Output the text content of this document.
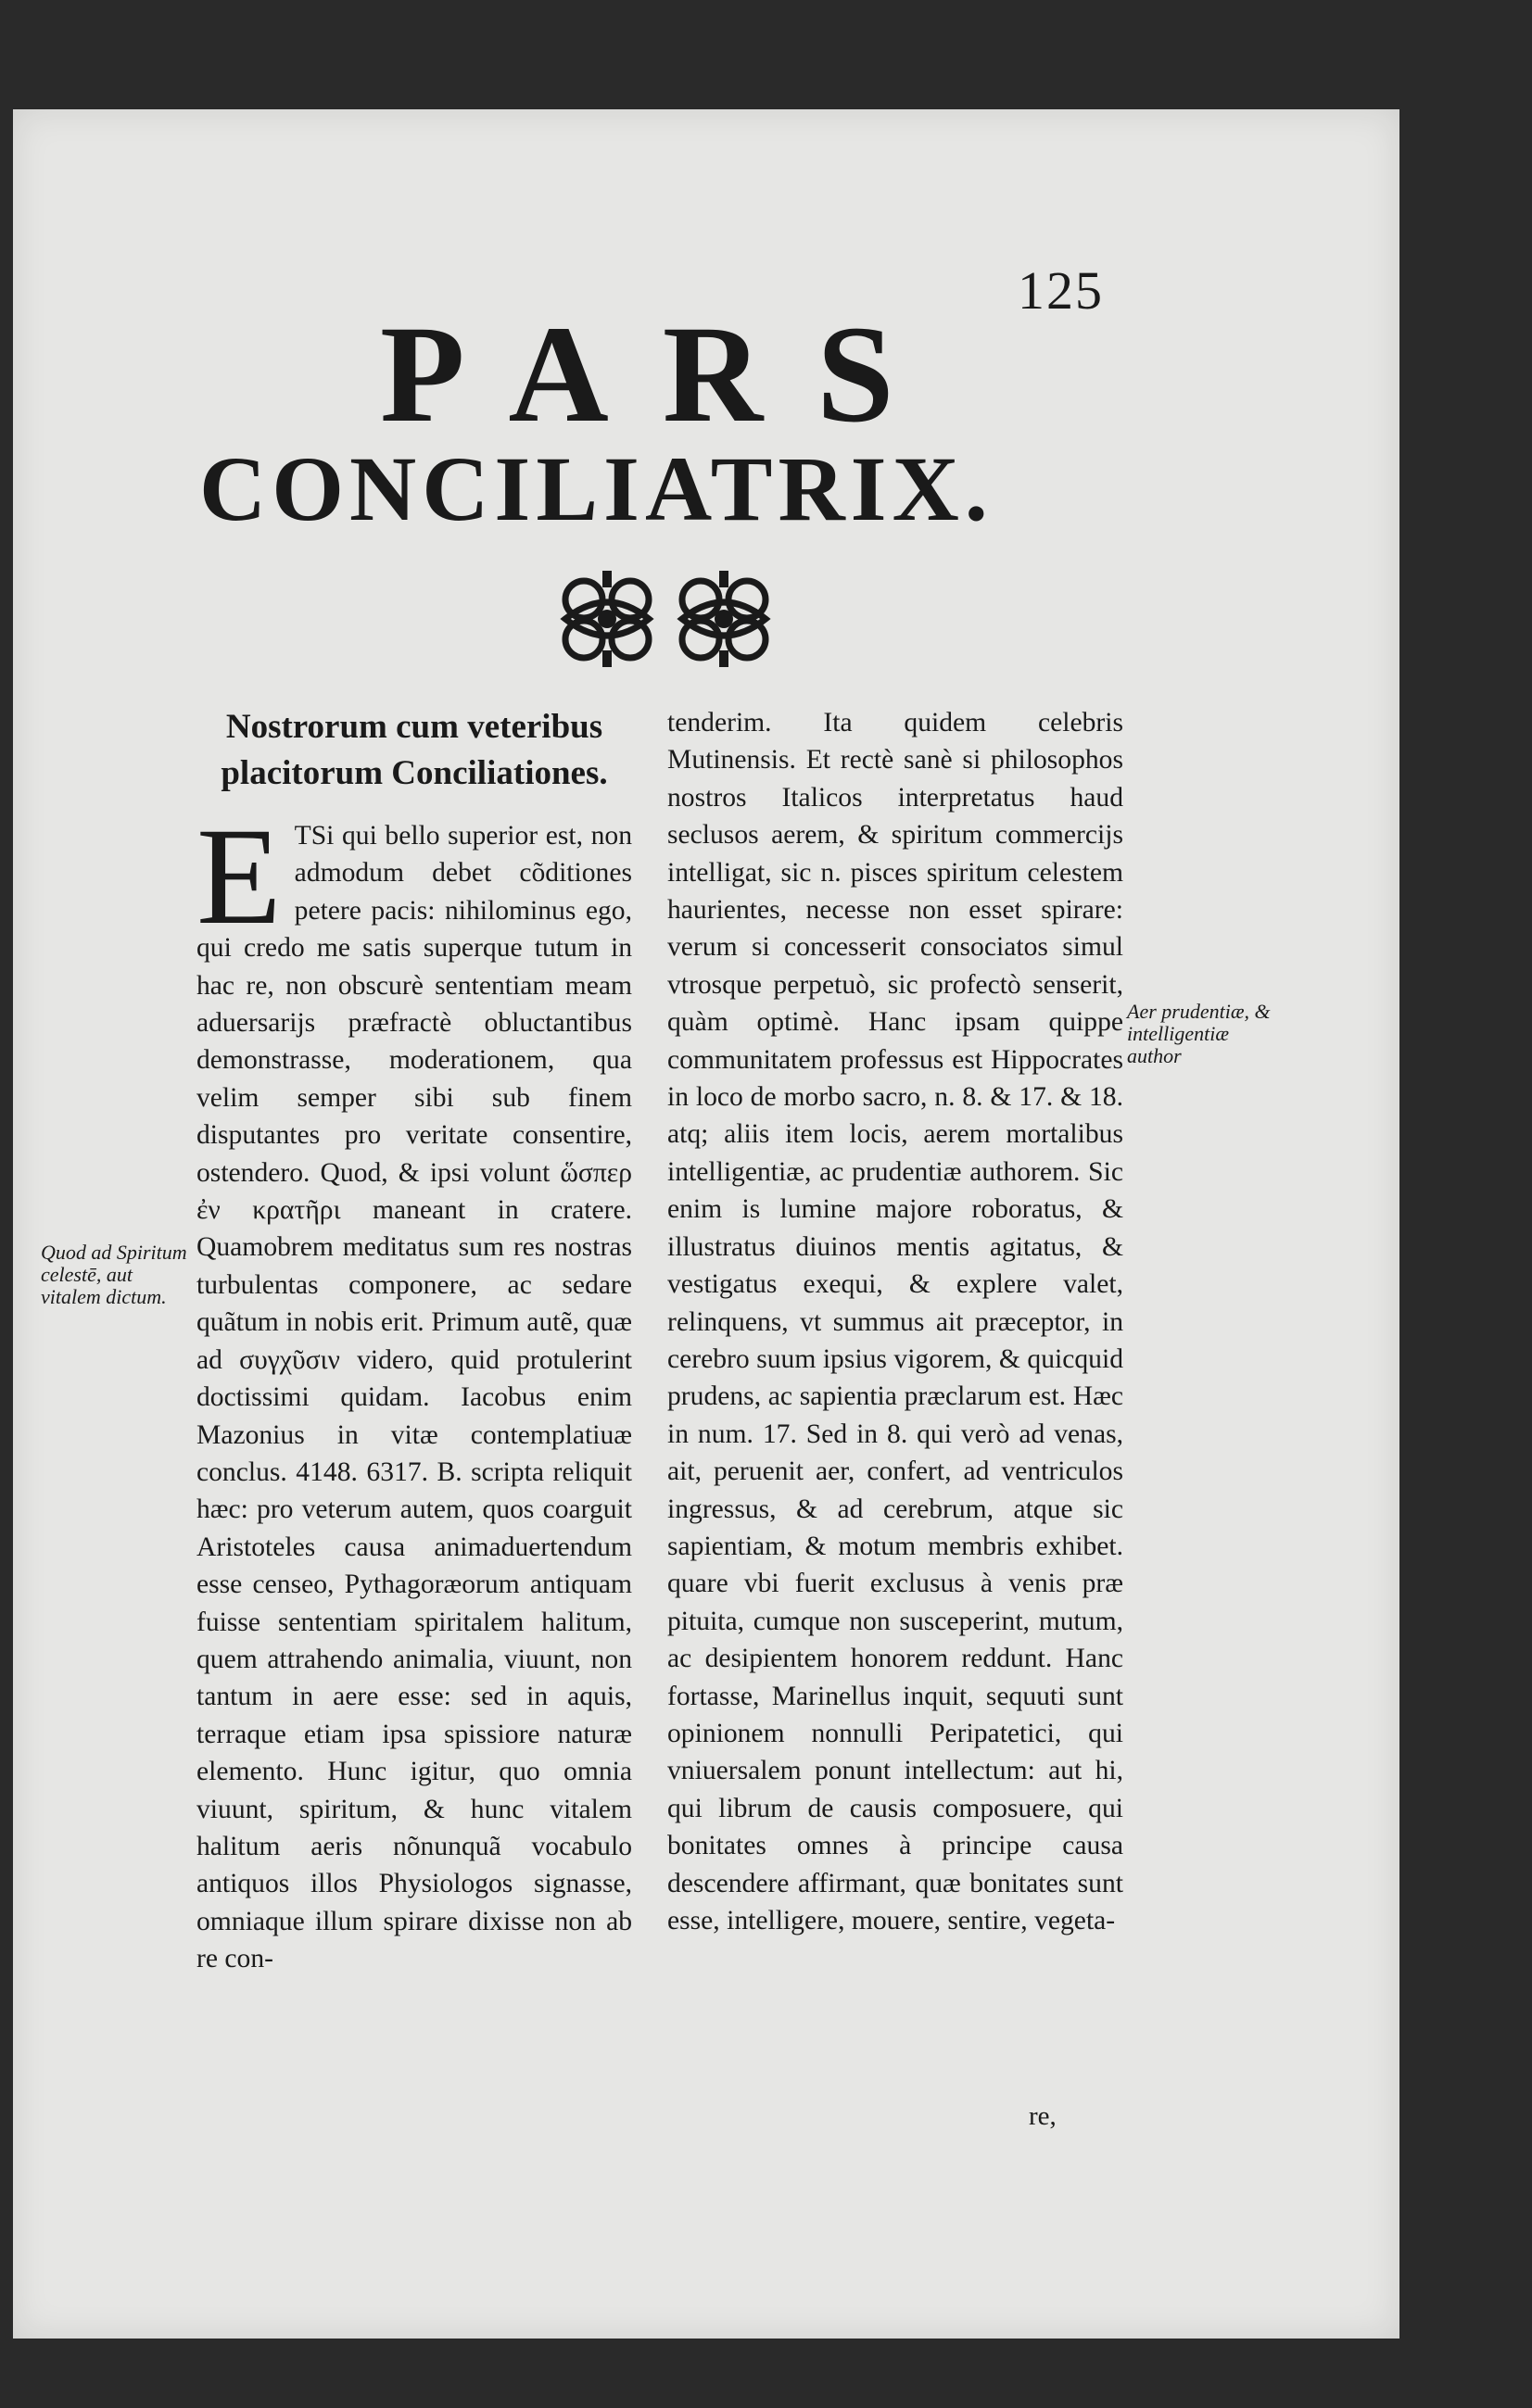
125
PARS
CONCILIATRIX.
Nostrorum cum veteribus placitorum Conciliationes.
E TSi qui bello superior est, non admodum debet cõditiones petere pacis: nihilominus ego, qui credo me satis superque tutum in hac re, non obscurè sententiam meam aduersarijs præfractè obluctantibus demonstrasse, moderationem, qua velim semper sibi sub finem disputantes pro veritate consentire, ostendero. Quod, & ipsi volunt ὥσπερ ἐν κρατῆρι maneant in cratere. Quamobrem meditatus sum res nostras turbulentas componere, ac sedare quãtum in nobis erit. Primum autẽ, quæ ad συγχῦσιν videro, quid protulerint doctissimi quidam. Iacobus enim Mazonius in vitæ contemplatiuæ conclus. 4148. 6317. B. scripta reliquit hæc: pro veterum autem, quos coarguit Aristoteles causa animaduertendum esse censeo, Pythagoræorum antiquam fuisse sententiam spiritalem halitum, quem attrahendo animalia, viuunt, non tantum in aere esse: sed in aquis, terraque etiam ipsa spissiore naturæ elemento. Hunc igitur, quo omnia viuunt, spiritum, & hunc vitalem halitum aeris nõnunquã vocabulo antiquos illos Physiologos signasse, omniaque illum spirare dixisse non ab re con-
tenderim. Ita quidem celebris Mutinensis. Et rectè sanè si philosophos nostros Italicos interpretatus haud seclusos aerem, & spiritum commercijs intelligat, sic n. pisces spiritum celestem haurientes, necesse non esset spirare: verum si concesserit consociatos simul vtrosque perpetuò, sic profectò senserit, quàm optimè. Hanc ipsam quippe communitatem professus est Hippocrates in loco de morbo sacro, n. 8. & 17. & 18. atq; aliis item locis, aerem mortalibus intelligentiæ, ac prudentiæ authorem. Sic enim is lumine majore roboratus, & illustratus diuinos mentis agitatus, & vestigatus exequi, & explere valet, relinquens, vt summus ait præceptor, in cerebro suum ipsius vigorem, & quicquid prudens, ac sapientia præclarum est. Hæc in num. 17. Sed in 8. qui verò ad venas, ait, peruenit aer, confert, ad ventriculos ingressus, & ad cerebrum, atque sic sapientiam, & motum membris exhibet. quare vbi fuerit exclusus à venis præ pituita, cumque non susceperint, mutum, ac desipientem honorem reddunt. Hanc fortasse, Marinellus inquit, sequuti sunt opinionem nonnulli Peripatetici, qui vniuersalem ponunt intellectum: aut hi, qui librum de causis composuere, qui bonitates omnes à principe causa descendere affirmant, quæ bonitates sunt esse, intelligere, mouere, sentire, vegeta-
Quod ad Spiritum celestē, aut vitalem dictum.
Aer prudentiæ, & intelligentiæ author
re,
